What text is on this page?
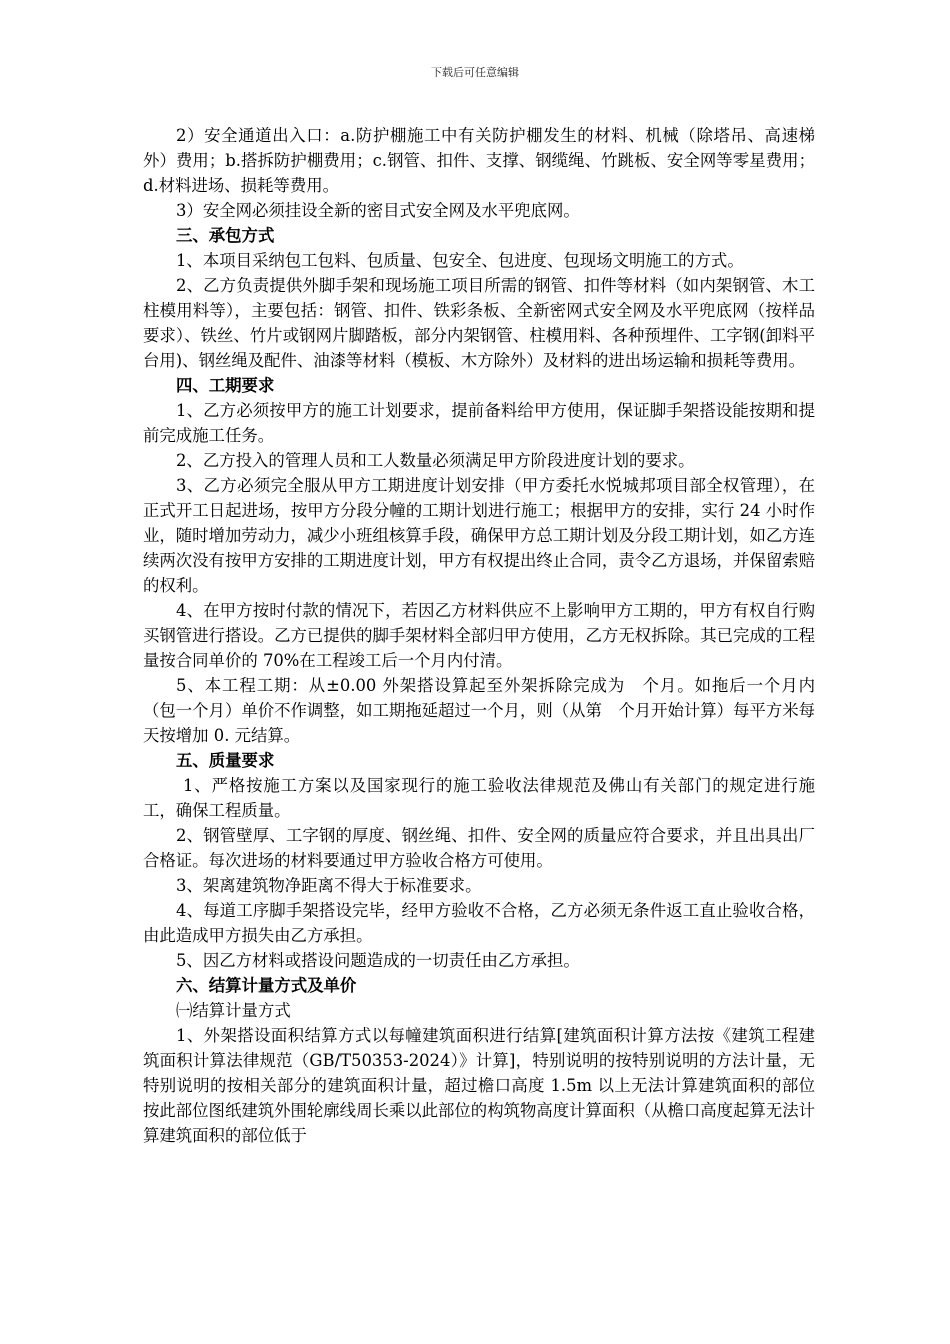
下载后可任意编辑

2）安全通道出入口：a.防护棚施工中有关防护棚发生的材料、机械（除塔吊、高速梯外）费用；b.搭拆防护棚费用；c.钢管、扣件、支撑、钢缆绳、竹跳板、安全网等零星费用；d.材料进场、损耗等费用。

3）安全网必须挂设全新的密目式安全网及水平兜底网。

三、承包方式

1、本项目采纳包工包料、包质量、包安全、包进度、包现场文明施工的方式。

2、乙方负责提供外脚手架和现场施工项目所需的钢管、扣件等材料（如内架钢管、木工柱模用料等），主要包括：钢管、扣件、铁彩条板、全新密网式安全网及水平兜底网（按样品要求）、铁丝、竹片或钢网片脚踏板，部分内架钢管、柱模用料、各种预埋件、工字钢(卸料平台用)、钢丝绳及配件、油漆等材料（模板、木方除外）及材料的进出场运输和损耗等费用。

四、工期要求

1、乙方必须按甲方的施工计划要求，提前备料给甲方使用，保证脚手架搭设能按期和提前完成施工任务。

2、乙方投入的管理人员和工人数量必须满足甲方阶段进度计划的要求。

3、乙方必须完全服从甲方工期进度计划安排（甲方委托水悦城邦项目部全权管理），在正式开工日起进场，按甲方分段分幢的工期计划进行施工；根据甲方的安排，实行 24 小时作业，随时增加劳动力，减少小班组核算手段，确保甲方总工期计划及分段工期计划，如乙方连续两次没有按甲方安排的工期进度计划，甲方有权提出终止合同，责令乙方退场，并保留索赔的权利。

4、在甲方按时付款的情况下，若因乙方材料供应不上影响甲方工期的，甲方有权自行购买钢管进行搭设。乙方已提供的脚手架材料全部归甲方使用，乙方无权拆除。其已完成的工程量按合同单价的 70%在工程竣工后一个月内付清。

5、本工程工期：从±0.00 外架搭设算起至外架拆除完成为　个月。如拖后一个月内（包一个月）单价不作调整，如工期拖延超过一个月，则（从第　个月开始计算）每平方米每天按增加 0. 元结算。

五、质量要求

1、严格按施工方案以及国家现行的施工验收法律规范及佛山有关部门的规定进行施工，确保工程质量。

2、钢管壁厚、工字钢的厚度、钢丝绳、扣件、安全网的质量应符合要求，并且出具出厂合格证。每次进场的材料要通过甲方验收合格方可使用。

3、架离建筑物净距离不得大于标准要求。

4、每道工序脚手架搭设完毕，经甲方验收不合格，乙方必须无条件返工直止验收合格，由此造成甲方损失由乙方承担。

5、因乙方材料或搭设问题造成的一切责任由乙方承担。

六、结算计量方式及单价

㈠结算计量方式

1、外架搭设面积结算方式以每幢建筑面积进行结算[建筑面积计算方法按《建筑工程建筑面积计算法律规范（GB/T50353-2024）》计算]，特别说明的按特别说明的方法计量，无特别说明的按相关部分的建筑面积计量，超过檐口高度 1.5m 以上无法计算建筑面积的部位按此部位图纸建筑外围轮廓线周长乘以此部位的构筑物高度计算面积（从檐口高度起算无法计算建筑面积的部位低于
